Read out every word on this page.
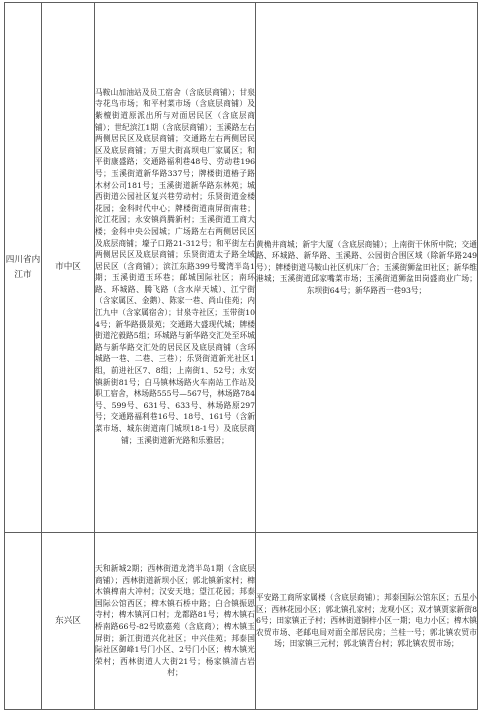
四川省内江市	市中区	马鞍山加油站及员工宿舍（含底层商铺）；甘泉寺花鸟市场；和平村菜市场（含底层商铺）及紫檀街道原派出所与对面居民区（含底层商铺）；世纪滨江1期（含底层商铺）；玉溪路左右两侧居民区及底层商铺；交通路左右两侧居民区及底层商铺；万里大街高坝电厂家属区；和平街康盛路；交通路福利巷48号、劳动巷196号；玉溪街道新华路337号；牌楼街道椿子路木材公司181号；玉溪街道新华路东林苑；城西街道公园社区复兴巷劳动村；乐贤街道金楼花园；金科时代中心；牌楼街道南屏街南巷；沱江花园；永安镇尚腾新村；玉溪街道工商大楼；金科中央公园城；广场路左右两侧居民区及底层商铺；壕子口路21-312号；和平街左右两侧居民区及底层商铺；乐贤街道太子路全域居民区（含商铺）；滨江东路399号鹭湾半岛1期；玉溪街道玉环巷；邮城国际社区；南环路、环城路、腾飞路（含水岸天城）、江宁街（含家属区、金鹅）、陈家一巷、尚山佳苑；内江九中（含家属宿舍）；甘泉寺社区；玉带街104号；新华路摄景苑；交通路大盛现代城；牌楼街道沱毅路5组；环城路与新华路交汇处至环城路与新华路交汇处的居民区及底层商铺（含环城路一巷、二巷、三巷）；乐贤街道新光社区1组，前进社区7、8组；上南街1、52号；永安镇新街81号；白马镇林场路火车南站工作站及职工宿舍，林场路555号—567号，林场路784号、599号、631号、633号、林场路原297号；交通路福利巷16号、18号、161号（含新菜市场、城东街道南门城坝18-1号）及底层商铺；玉溪街道新光路和乐雅居；	黄桷井商城；新宇大厦（含底层商铺）；上南街干休所中院；交通路、环城路、新华路、玉溪路、公园街合围区域（除新华路249号）；牌楼街道马鞍山社区机床厂合；玉溪街狮盆田社区；新华维港城；玉溪街道邱家嘴菜市场；玉溪街道狮盆田岗盛商业广场；东坝街64号；新华路西一巷93号；

	东兴区	天和新城2期；西林街道龙湾半岛1期（含底层商铺）；西林街道新坝小区；郭北镇新家村；椑木镇椑南大冲村；汉安天地；望江花园；邦泰国际公馆西区；椑木镇石桥中路；白合镇振恩寺村；椑木镇河口村；龙都路81号；椑木镇石桥南路66号-82号欧嘉苑（含底商）；椑木镇玉屏街；新江街道兴化社区；中兴佳苑；邦泰国际社区御峰1号门小区、2号门小区；椑木镇光荣村；西林街道人大街21号；杨家镇清古岩村；	平安路工商所家属楼（含底层商铺）；邦泰国际公馆东区；五星小区；西林花园小区；郭北镇孔家村；龙观小区；双才镇贾家新街86号；田家镇正子村；西林街道铜梓小区一期；电力小区；椑木镇农贸市场、老邮电局对面全部居民房；兰桂一号；郭北镇农贸市场；田家镇三元村；郭北镇青台村；郭北镇农贸市场；
